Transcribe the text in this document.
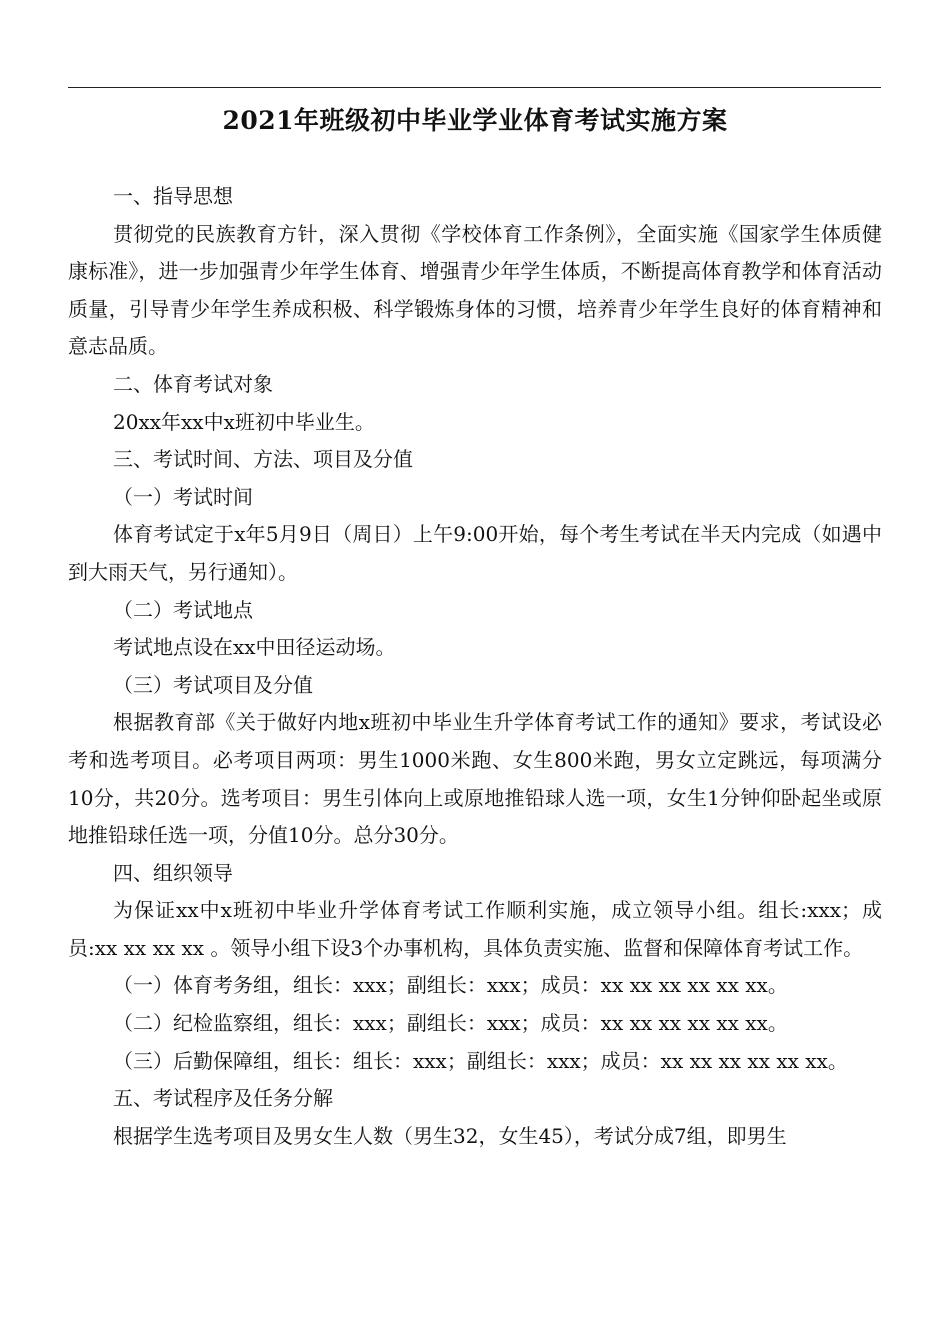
2021年班级初中毕业学业体育考试实施方案

一、指导思想

贯彻党的民族教育方针，深入贯彻《学校体育工作条例》，全面实施《国家学生体质健康标准》，进一步加强青少年学生体育、增强青少年学生体质，不断提高体育教学和体育活动质量，引导青少年学生养成积极、科学锻炼身体的习惯，培养青少年学生良好的体育精神和意志品质。

二、体育考试对象

20xx年xx中x班初中毕业生。

三、考试时间、方法、项目及分值

（一）考试时间

体育考试定于x年5月9日（周日）上午9:00开始，每个考生考试在半天内完成（如遇中到大雨天气，另行通知）。

（二）考试地点

考试地点设在xx中田径运动场。

（三）考试项目及分值

根据教育部《关于做好内地x班初中毕业生升学体育考试工作的通知》要求，考试设必考和选考项目。必考项目两项：男生1000米跑、女生800米跑，男女立定跳远，每项满分10分，共20分。选考项目：男生引体向上或原地推铅球人选一项，女生1分钟仰卧起坐或原地推铅球任选一项，分值10分。总分30分。

四、组织领导

为保证xx中x班初中毕业升学体育考试工作顺利实施，成立领导小组。组长:xxx；成员:xx xx xx xx 。领导小组下设3个办事机构，具体负责实施、监督和保障体育考试工作。

（一）体育考务组，组长：xxx；副组长：xxx；成员：xx xx xx xx xx xx。

（二）纪检监察组，组长：xxx；副组长：xxx；成员：xx xx xx xx xx xx。

（三）后勤保障组，组长：组长：xxx；副组长：xxx；成员：xx xx xx xx xx xx。

五、考试程序及任务分解

根据学生选考项目及男女生人数（男生32，女生45），考试分成7组，即男生
